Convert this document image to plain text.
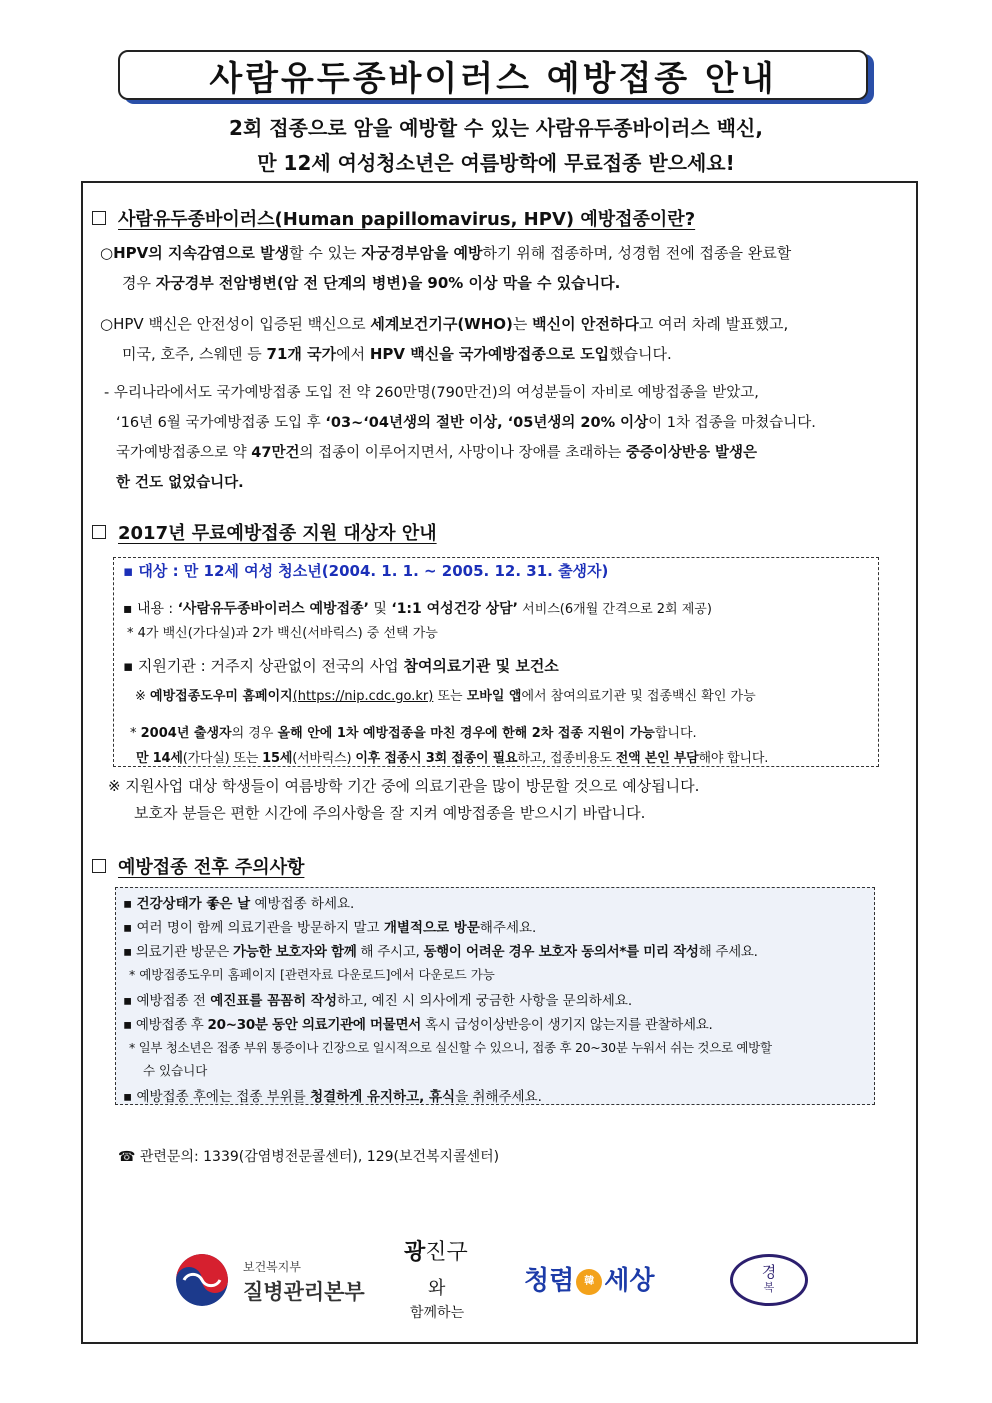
사람유두종바이러스 예방접종 안내
2회 접종으로 암을 예방할 수 있는 사람유두종바이러스 백신,
만 12세 여성청소년은 여름방학에 무료접종 받으세요!
사람유두종바이러스(Human papillomavirus, HPV) 예방접종이란?
○HPV의 지속감염으로 발생할 수 있는 자궁경부암을 예방하기 위해 접종하며, 성경험 전에 접종을 완료할
경우 자궁경부 전암병변(암 전 단계의 병변)을 90% 이상 막을 수 있습니다.
○HPV 백신은 안전성이 입증된 백신으로 세계보건기구(WHO)는 백신이 안전하다고 여러 차례 발표했고,
미국, 호주, 스웨덴 등 71개 국가에서 HPV 백신을 국가예방접종으로 도입했습니다.
- 우리나라에서도 국가예방접종 도입 전 약 260만명(790만건)의 여성분들이 자비로 예방접종을 받았고,
‘16년 6월 국가예방접종 도입 후 ‘03~‘04년생의 절반 이상, ‘05년생의 20% 이상이 1차 접종을 마쳤습니다.
국가예방접종으로 약 47만건의 접종이 이루어지면서, 사망이나 장애를 초래하는 중증이상반응 발생은
한 건도 없었습니다.
2017년 무료예방접종 지원 대상자 안내
▪ 대상 : 만 12세 여성 청소년(2004. 1. 1. ~ 2005. 12. 31. 출생자)
▪ 내용 : ‘사람유두종바이러스 예방접종’ 및 ‘1:1 여성건강 상담’ 서비스(6개월 간격으로 2회 제공)
* 4가 백신(가다실)과 2가 백신(서바릭스) 중 선택 가능
▪ 지원기관 : 거주지 상관없이 전국의 사업 참여의료기관 및 보건소
※ 예방접종도우미 홈페이지(https://nip.cdc.go.kr) 또는 모바일 앱에서 참여의료기관 및 접종백신 확인 가능
* 2004년 출생자의 경우 올해 안에 1차 예방접종을 마친 경우에 한해 2차 접종 지원이 가능합니다.
만 14세(가다실) 또는 15세(서바릭스) 이후 접종시 3회 접종이 필요하고, 접종비용도 전액 본인 부담해야 합니다.
※ 지원사업 대상 학생들이 여름방학 기간 중에 의료기관을 많이 방문할 것으로 예상됩니다.
보호자 분들은 편한 시간에 주의사항을 잘 지켜 예방접종을 받으시기 바랍니다.
예방접종 전후 주의사항
▪ 건강상태가 좋은 날 예방접종 하세요.
▪ 여러 명이 함께 의료기관을 방문하지 말고 개별적으로 방문해주세요.
▪ 의료기관 방문은 가능한 보호자와 함께 해 주시고, 동행이 어려운 경우 보호자 동의서*를 미리 작성해 주세요.
* 예방접종도우미 홈페이지 [관련자료 다운로드]에서 다운로드 가능
▪ 예방접종 전 예진표를 꼼꼼히 작성하고, 예진 시 의사에게 궁금한 사항을 문의하세요.
▪ 예방접종 후 20~30분 동안 의료기관에 머물면서 혹시 급성이상반응이 생기지 않는지를 관찰하세요.
* 일부 청소년은 접종 부위 통증이나 긴장으로 일시적으로 실신할 수 있으니, 접종 후 20~30분 누워서 쉬는 것으로 예방할
수 있습니다
▪ 예방접종 후에는 접종 부위를 청결하게 유지하고, 휴식을 취해주세요.
☎ 관련문의: 1339(감염병전문콜센터), 129(보건복지콜센터)
보건복지부
질병관리본부
광진구
와
함께하는
청렴 韓 세상	경
복
